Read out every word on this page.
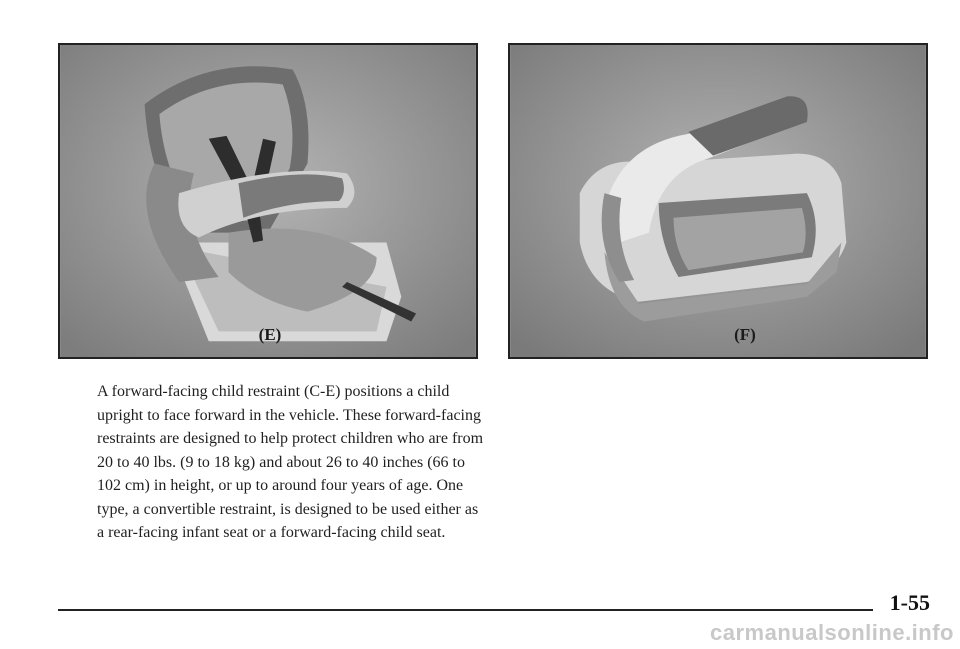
(E)	(F)

A forward-facing child restraint (C-E) positions a child upright to face forward in the vehicle. These forward-facing restraints are designed to help protect children who are from 20 to 40 lbs. (9 to 18 kg) and about 26 to 40 inches (66 to 102 cm) in height, or up to around four years of age. One type, a convertible restraint, is designed to be used either as a rear-facing infant seat or a forward-facing child seat.

1-55
carmanualsonline.info
